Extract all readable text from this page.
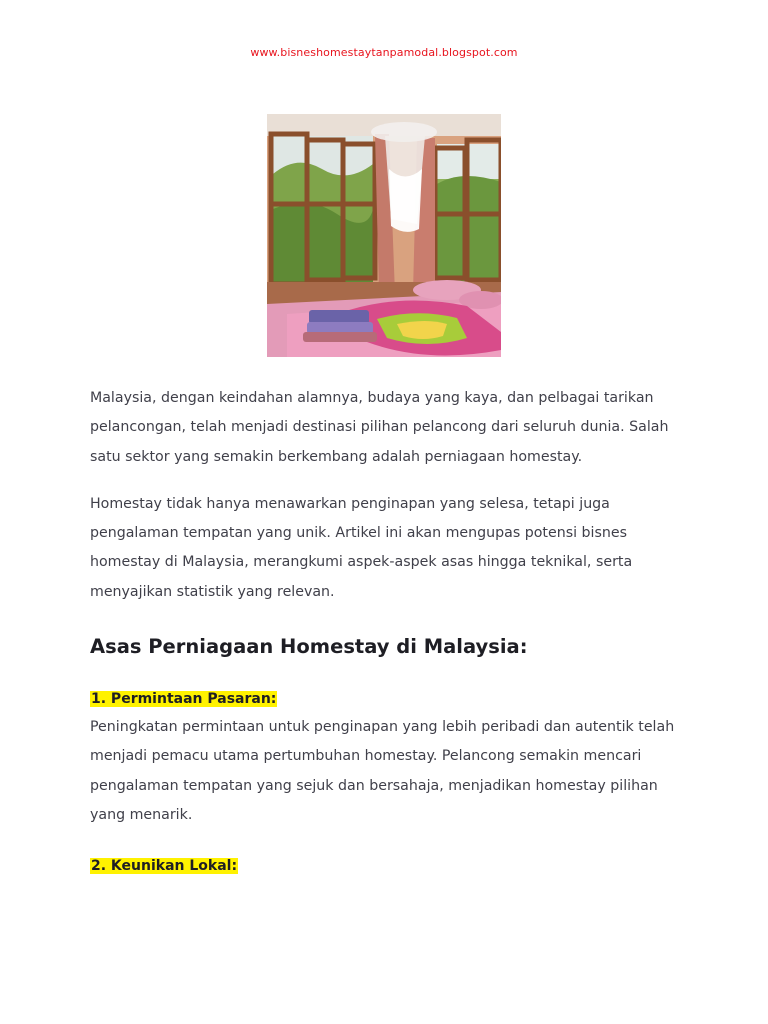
www.bisneshomestaytanpamodal.blogspot.com

Malaysia, dengan keindahan alamnya, budaya yang kaya, dan pelbagai tarikan pelancongan, telah menjadi destinasi pilihan pelancong dari seluruh dunia. Salah satu sektor yang semakin berkembang adalah perniagaan homestay.

Homestay tidak hanya menawarkan penginapan yang selesa, tetapi juga pengalaman tempatan yang unik. Artikel ini akan mengupas potensi bisnes homestay di Malaysia, merangkumi aspek-aspek asas hingga teknikal, serta menyajikan statistik yang relevan.

Asas Perniagaan Homestay di Malaysia:
1. Permintaan Pasaran:

Peningkatan permintaan untuk penginapan yang lebih peribadi dan autentik telah menjadi pemacu utama pertumbuhan homestay. Pelancong semakin mencari pengalaman tempatan yang sejuk dan bersahaja, menjadikan homestay pilihan yang menarik.

2. Keunikan Lokal:
